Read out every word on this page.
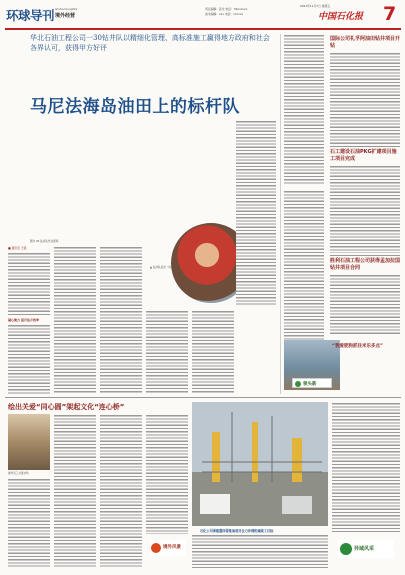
环球导刊 Global Insights
境外经营
责任编辑：张龙 电话：59xxxxxx
美术编辑：xxx 电话：xxxxxx
2021年11月7日 星期五
中国石化报 7
华北石油工程公司一30钻井队以精细化管理、高标准施工赢得地方政府和社会各界认可，获得甲方好评
马尼法海岛油田上的标杆队
▲ 钻井队员在一线
■ 通讯员 王强
凝心聚力 提升钻井效率
图为 30 钻井队作业现场
国际公司礼孚阿油田钻井项目开钻
石工建设石油PKG扩建项目施工项目完成
胜利石油工程公司获得孟加拉国钻井项目合同
领头新
“我爱肥狗抓住米乐多点”
绘出关爱“同心圆”架起文化“连心桥”
境外员工共度中秋
境外风景
石化公司承建墨西哥炼油项目全力冲刺机械竣工目标
异域风采
